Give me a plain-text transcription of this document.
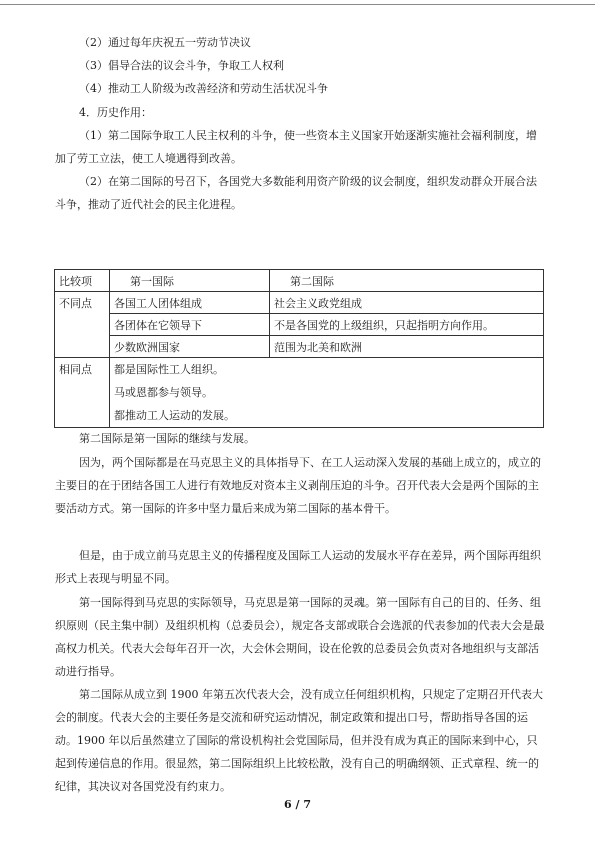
（2）通过每年庆祝五一劳动节决议
（3）倡导合法的议会斗争，争取工人权利
（4）推动工人阶级为改善经济和劳动生活状况斗争
4．历史作用：
（1）第二国际争取工人民主权利的斗争，使一些资本主义国家开始逐渐实施社会福利制度，增加了劳工立法，使工人境遇得到改善。
（2）在第二国际的号召下，各国党大多数能利用资产阶级的议会制度，组织发动群众开展合法斗争，推动了近代社会的民主化进程。
比较项	第一国际	第二国际
不同点	各国工人团体组成	社会主义政党组成
	各团体在它领导下	不是各国党的上级组织，只起指明方向作用。
	少数欧洲国家	范围为北美和欧洲
相同点	都是国际性工人组织。
马或恩都参与领导。
都推动工人运动的发展。	
第二国际是第一国际的继续与发展。
因为，两个国际都是在马克思主义的具体指导下、在工人运动深入发展的基础上成立的，成立的主要目的在于团结各国工人进行有效地反对资本主义剥削压迫的斗争。召开代表大会是两个国际的主要活动方式。第一国际的许多中坚力量后来成为第二国际的基本骨干。
但是，由于成立前马克思主义的传播程度及国际工人运动的发展水平存在差异，两个国际再组织形式上表现与明显不同。
第一国际得到马克思的实际领导，马克思是第一国际的灵魂。第一国际有自己的目的、任务、组织原则（民主集中制）及组织机构（总委员会），规定各支部或联合会选派的代表参加的代表大会是最高权力机关。代表大会每年召开一次，大会休会期间，设在伦敦的总委员会负责对各地组织与支部活动进行指导。
第二国际从成立到 1900 年第五次代表大会，没有成立任何组织机构，只规定了定期召开代表大会的制度。代表大会的主要任务是交流和研究运动情况，制定政策和提出口号，帮助指导各国的运动。1900 年以后虽然建立了国际的常设机构社会党国际局，但并没有成为真正的国际来到中心，只起到传递信息的作用。很显然，第二国际组织上比较松散，没有自己的明确纲领、正式章程、统一的纪律，其决议对各国党没有约束力。
6 / 7
